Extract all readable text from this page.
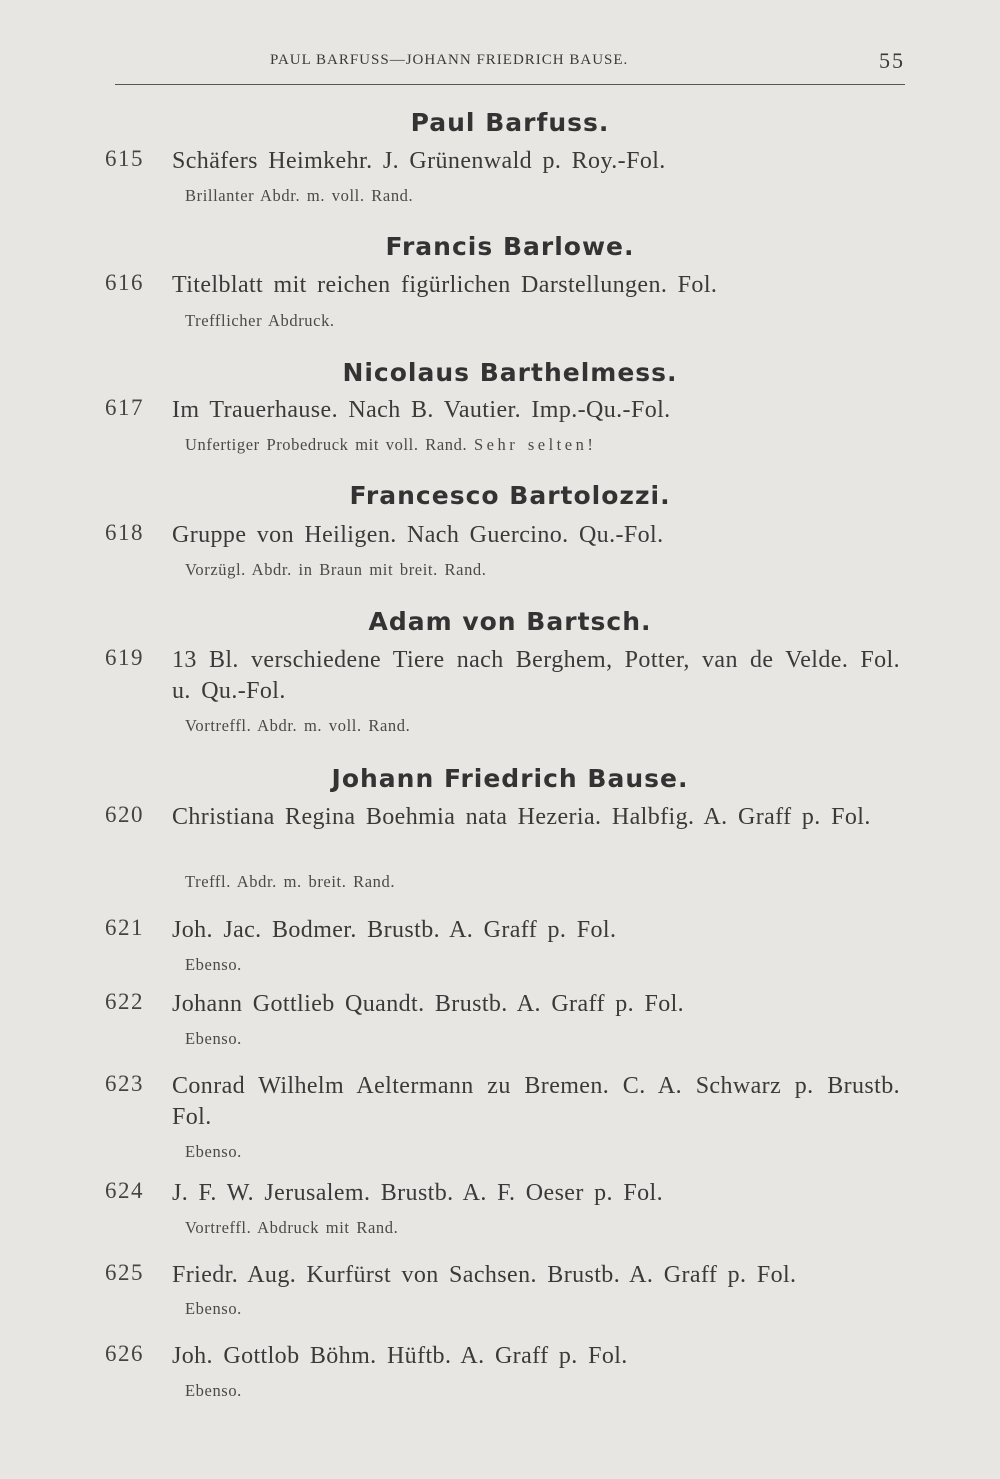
PAUL BARFUSS—JOHANN FRIEDRICH BAUSE.	55
Paul Barfuss.
615 Schäfers Heimkehr. J. Grünenwald p. Roy.-Fol.
Brillanter Abdr. m. voll. Rand.
Francis Barlowe.
616 Titelblatt mit reichen figürlichen Darstellungen. Fol.
Trefflicher Abdruck.
Nicolaus Barthelmess.
617 Im Trauerhause. Nach B. Vautier. Imp.-Qu.-Fol.
Unfertiger Probedruck mit voll. Rand. Sehr selten!
Francesco Bartolozzi.
618 Gruppe von Heiligen. Nach Guercino. Qu.-Fol.
Vorzügl. Abdr. in Braun mit breit. Rand.
Adam von Bartsch.
619 13 Bl. verschiedene Tiere nach Berghem, Potter, van de Velde. Fol. u. Qu.-Fol.
Vortreffl. Abdr. m. voll. Rand.
Johann Friedrich Bause.
620 Christiana Regina Boehmia nata Hezeria. Halbfig. A. Graff p. Fol.
Treffl. Abdr. m. breit. Rand.
621 Joh. Jac. Bodmer. Brustb. A. Graff p. Fol.
Ebenso.
622 Johann Gottlieb Quandt. Brustb. A. Graff p. Fol.
Ebenso.
623 Conrad Wilhelm Aeltermann zu Bremen. C. A. Schwarz p. Brustb. Fol.
Ebenso.
624 J. F. W. Jerusalem. Brustb. A. F. Oeser p. Fol.
Vortreffl. Abdruck mit Rand.
625 Friedr. Aug. Kurfürst von Sachsen. Brustb. A. Graff p. Fol.
Ebenso.
626 Joh. Gottlob Böhm. Hüftb. A. Graff p. Fol.
Ebenso.
